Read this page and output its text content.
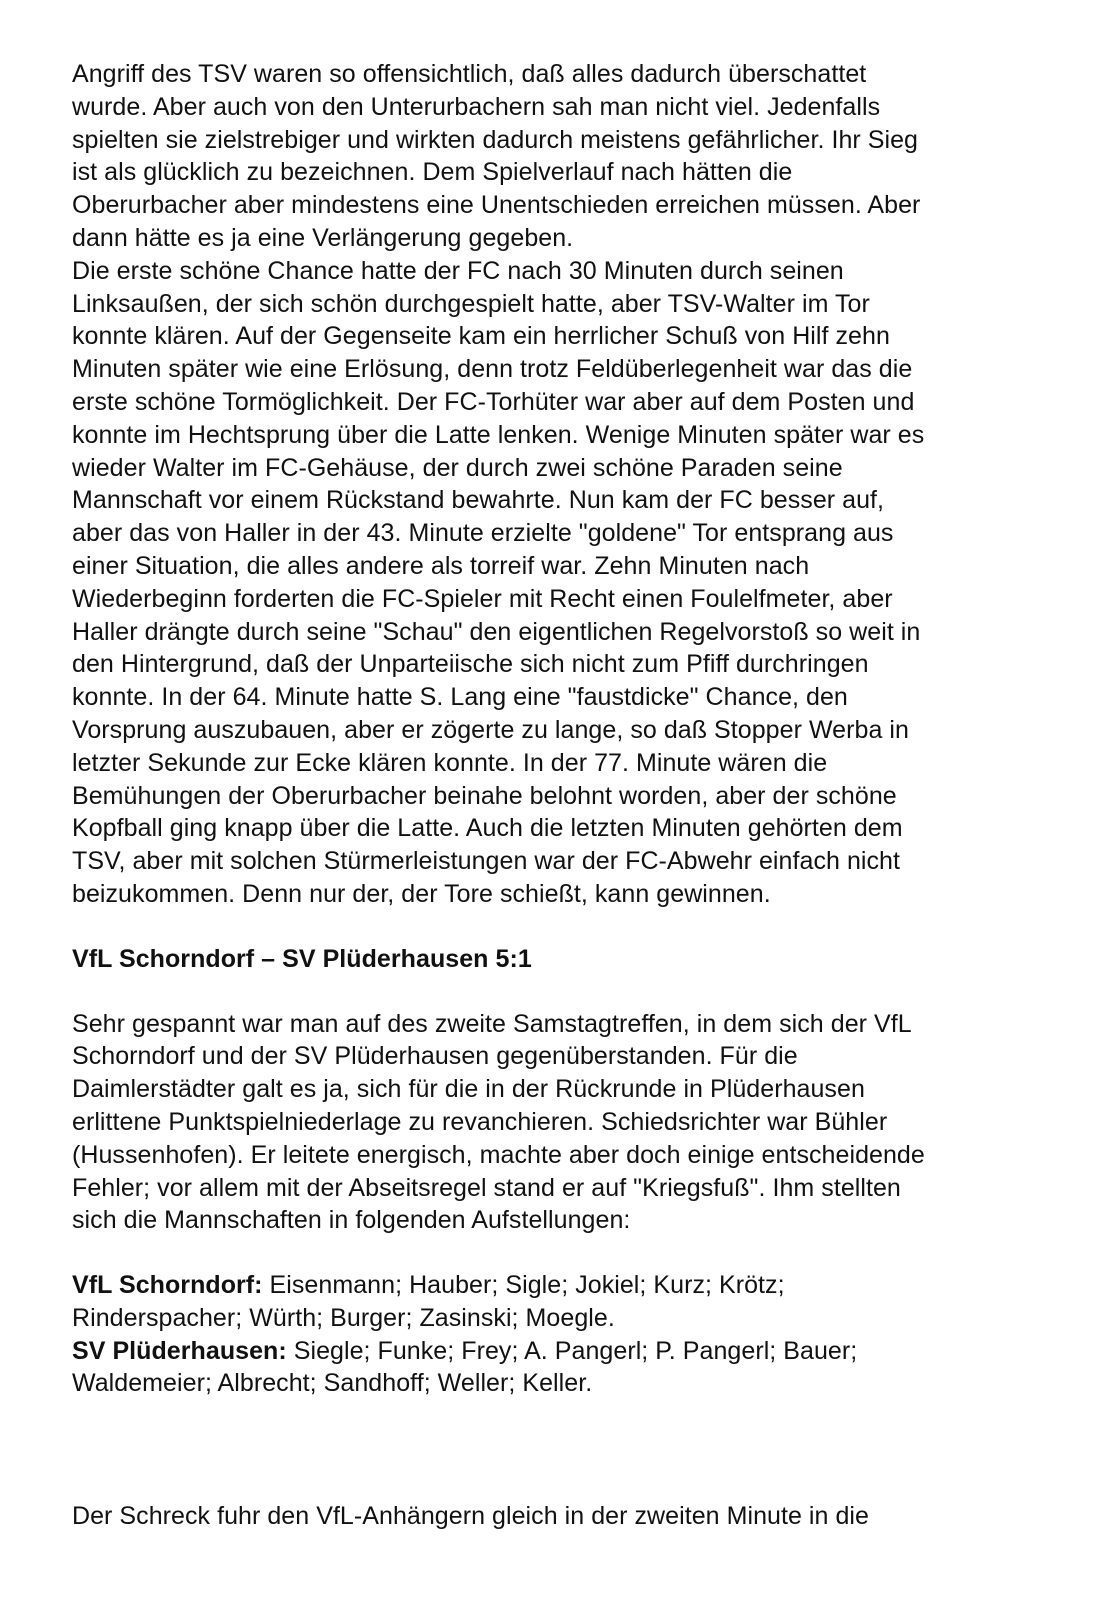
Angriff des TSV waren so offensichtlich, daß alles dadurch überschattet
wurde. Aber auch von den Unterurbachern sah man nicht viel. Jedenfalls
spielten sie zielstrebiger und wirkten dadurch meistens gefährlicher. Ihr Sieg
ist als glücklich zu bezeichnen. Dem Spielverlauf nach hätten die
Oberurbacher aber mindestens eine Unentschieden erreichen müssen. Aber
dann hätte es ja eine Verlängerung gegeben.
Die erste schöne Chance hatte der FC nach 30 Minuten durch seinen
Linksaußen, der sich schön durchgespielt hatte, aber TSV-Walter im Tor
konnte klären. Auf der Gegenseite kam ein herrlicher Schuß von Hilf zehn
Minuten später wie eine Erlösung, denn trotz Feldüberlegenheit war das die
erste schöne Tormöglichkeit. Der FC-Torhüter war aber auf dem Posten und
konnte im Hechtsprung über die Latte lenken. Wenige Minuten später war es
wieder Walter im FC-Gehäuse, der durch zwei schöne Paraden seine
Mannschaft vor einem Rückstand bewahrte. Nun kam der FC besser auf,
aber das von Haller in der 43. Minute erzielte "goldene" Tor entsprang aus
einer Situation, die alles andere als torreif war. Zehn Minuten nach
Wiederbeginn forderten die FC-Spieler mit Recht einen Foulelfmeter, aber
Haller drängte durch seine "Schau" den eigentlichen Regelvorstoß so weit in
den Hintergrund, daß der Unparteiische sich nicht zum Pfiff durchringen
konnte. In der 64. Minute hatte S. Lang eine "faustdicke" Chance, den
Vorsprung auszubauen, aber er zögerte zu lange, so daß Stopper Werba in
letzter Sekunde zur Ecke klären konnte. In der 77. Minute wären die
Bemühungen der Oberurbacher beinahe belohnt worden, aber der schöne
Kopfball ging knapp über die Latte. Auch die letzten Minuten gehörten dem
TSV, aber mit solchen Stürmerleistungen war der FC-Abwehr einfach nicht
beizukommen. Denn nur der, der Tore schießt, kann gewinnen.
VfL Schorndorf – SV Plüderhausen 5:1
Sehr gespannt war man auf des zweite Samstagtreffen, in dem sich der VfL
Schorndorf und der SV Plüderhausen gegenüberstanden. Für die
Daimlerstädter galt es ja, sich für die in der Rückrunde in Plüderhausen
erlittene Punktspielniederlage zu revanchieren. Schiedsrichter war Bühler
(Hussenhofen). Er leitete energisch, machte aber doch einige entscheidende
Fehler; vor allem mit der Abseitsregel stand er auf "Kriegsfuß". Ihm stellten
sich die Mannschaften in folgenden Aufstellungen:
VfL Schorndorf: Eisenmann; Hauber; Sigle; Jokiel; Kurz; Krötz;
Rinderspacher; Würth; Burger; Zasinski; Moegle.
SV Plüderhausen: Siegle; Funke; Frey; A. Pangerl; P. Pangerl; Bauer;
Waldemeier; Albrecht; Sandhoff; Weller; Keller.
Der Schreck fuhr den VfL-Anhängern gleich in der zweiten Minute in die
